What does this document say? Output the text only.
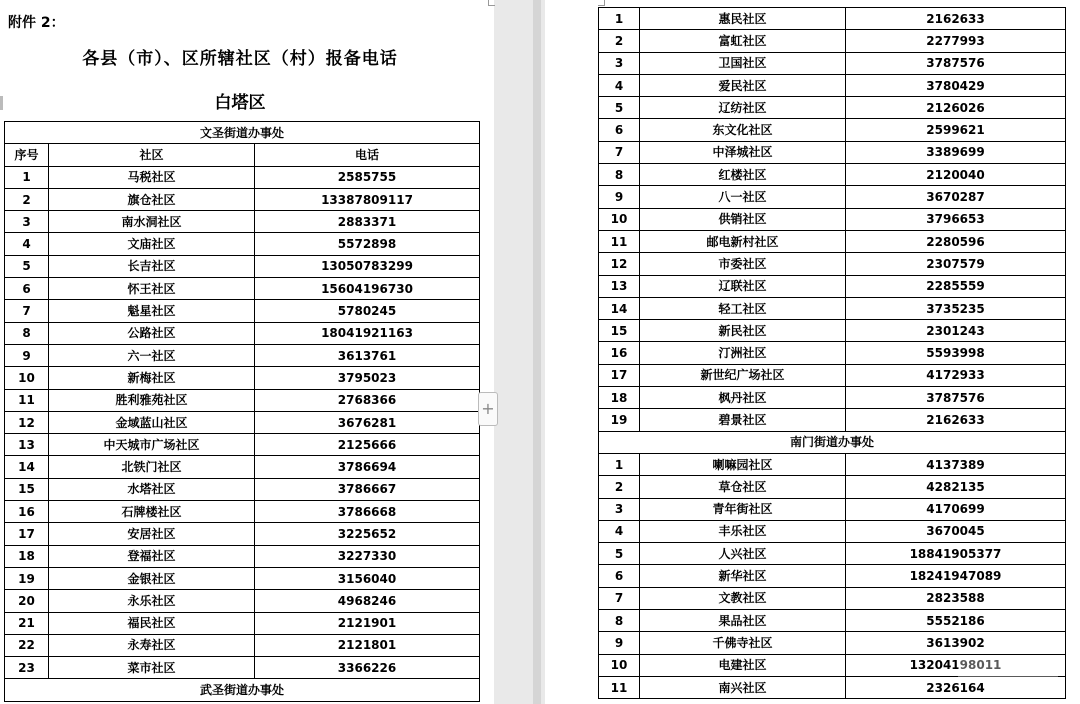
附件 2：
各县（市）、区所辖社区（村）报备电话
白塔区
文圣街道办事处		
序号	社区	电话
1	马税社区	2585755
2	旗仓社区	13387809117
3	南水洞社区	2883371
4	文庙社区	5572898
5	长吉社区	13050783299
6	怀王社区	15604196730
7	魁星社区	5780245
8	公路社区	18041921163
9	六一社区	3613761
10	新梅社区	3795023
11	胜利雅苑社区	2768366
12	金域蓝山社区	3676281
13	中天城市广场社区	2125666
14	北铁门社区	3786694
15	水塔社区	3786667
16	石牌楼社区	3786668
17	安居社区	3225652
18	登福社区	3227330
19	金银社区	3156040
20	永乐社区	4968246
21	福民社区	2121901
22	永寿社区	2121801
23	菜市社区	3366226
武圣街道办事处		
1	惠民社区	2162633
2	富虹社区	2277993
3	卫国社区	3787576
4	爱民社区	3780429
5	辽纺社区	2126026
6	东文化社区	2599621
7	中泽城社区	3389699
8	红楼社区	2120040
9	八一社区	3670287
10	供销社区	3796653
11	邮电新村社区	2280596
12	市委社区	2307579
13	辽联社区	2285559
14	轻工社区	3735235
15	新民社区	2301243
16	汀洲社区	5593998
17	新世纪广场社区	4172933
18	枫丹社区	3787576
19	碧景社区	2162633
南门街道办事处		
1	喇嘛园社区	4137389
2	草仓社区	4282135
3	青年街社区	4170699
4	丰乐社区	3670045
5	人兴社区	18841905377
6	新华社区	18241947089
7	文教社区	2823588
8	果品社区	5552186
9	千佛寺社区	3613902
10	电建社区	13204198011
11	南兴社区	2326164
+
